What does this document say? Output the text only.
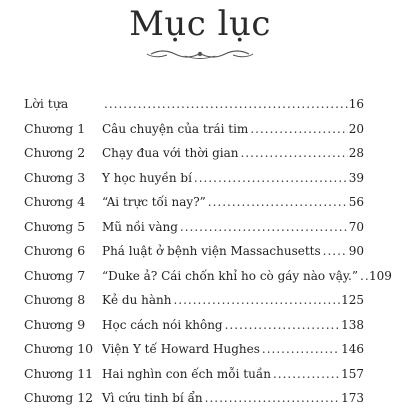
Mục lục
Lời tựa .....	16
Chương 1	Câu chuyện của trái tim .....	20
Chương 2	Chạy đua với thời gian .....	28
Chương 3	Y học huyền bí .....	39
Chương 4	“Ai trực tối nay?” .....	56
Chương 5	Mũ nồi vàng .....	70
Chương 6	Phá luật ở bệnh viện Massachusetts ..... 90
Chương 7	“Duke ả? Cái chốn khỉ ho cò gáy nào vậy.” ..... 109
Chương 8	Kẻ du hành .....	125
Chương 9	Học cách nói không .....	138
Chương 10 Viện Y tế Howard Hughes .....	146
Chương 11 Hai nghìn con ếch mỗi tuần .....	157
Chương 12 Vì cứu tinh bí ẩn .....	173
